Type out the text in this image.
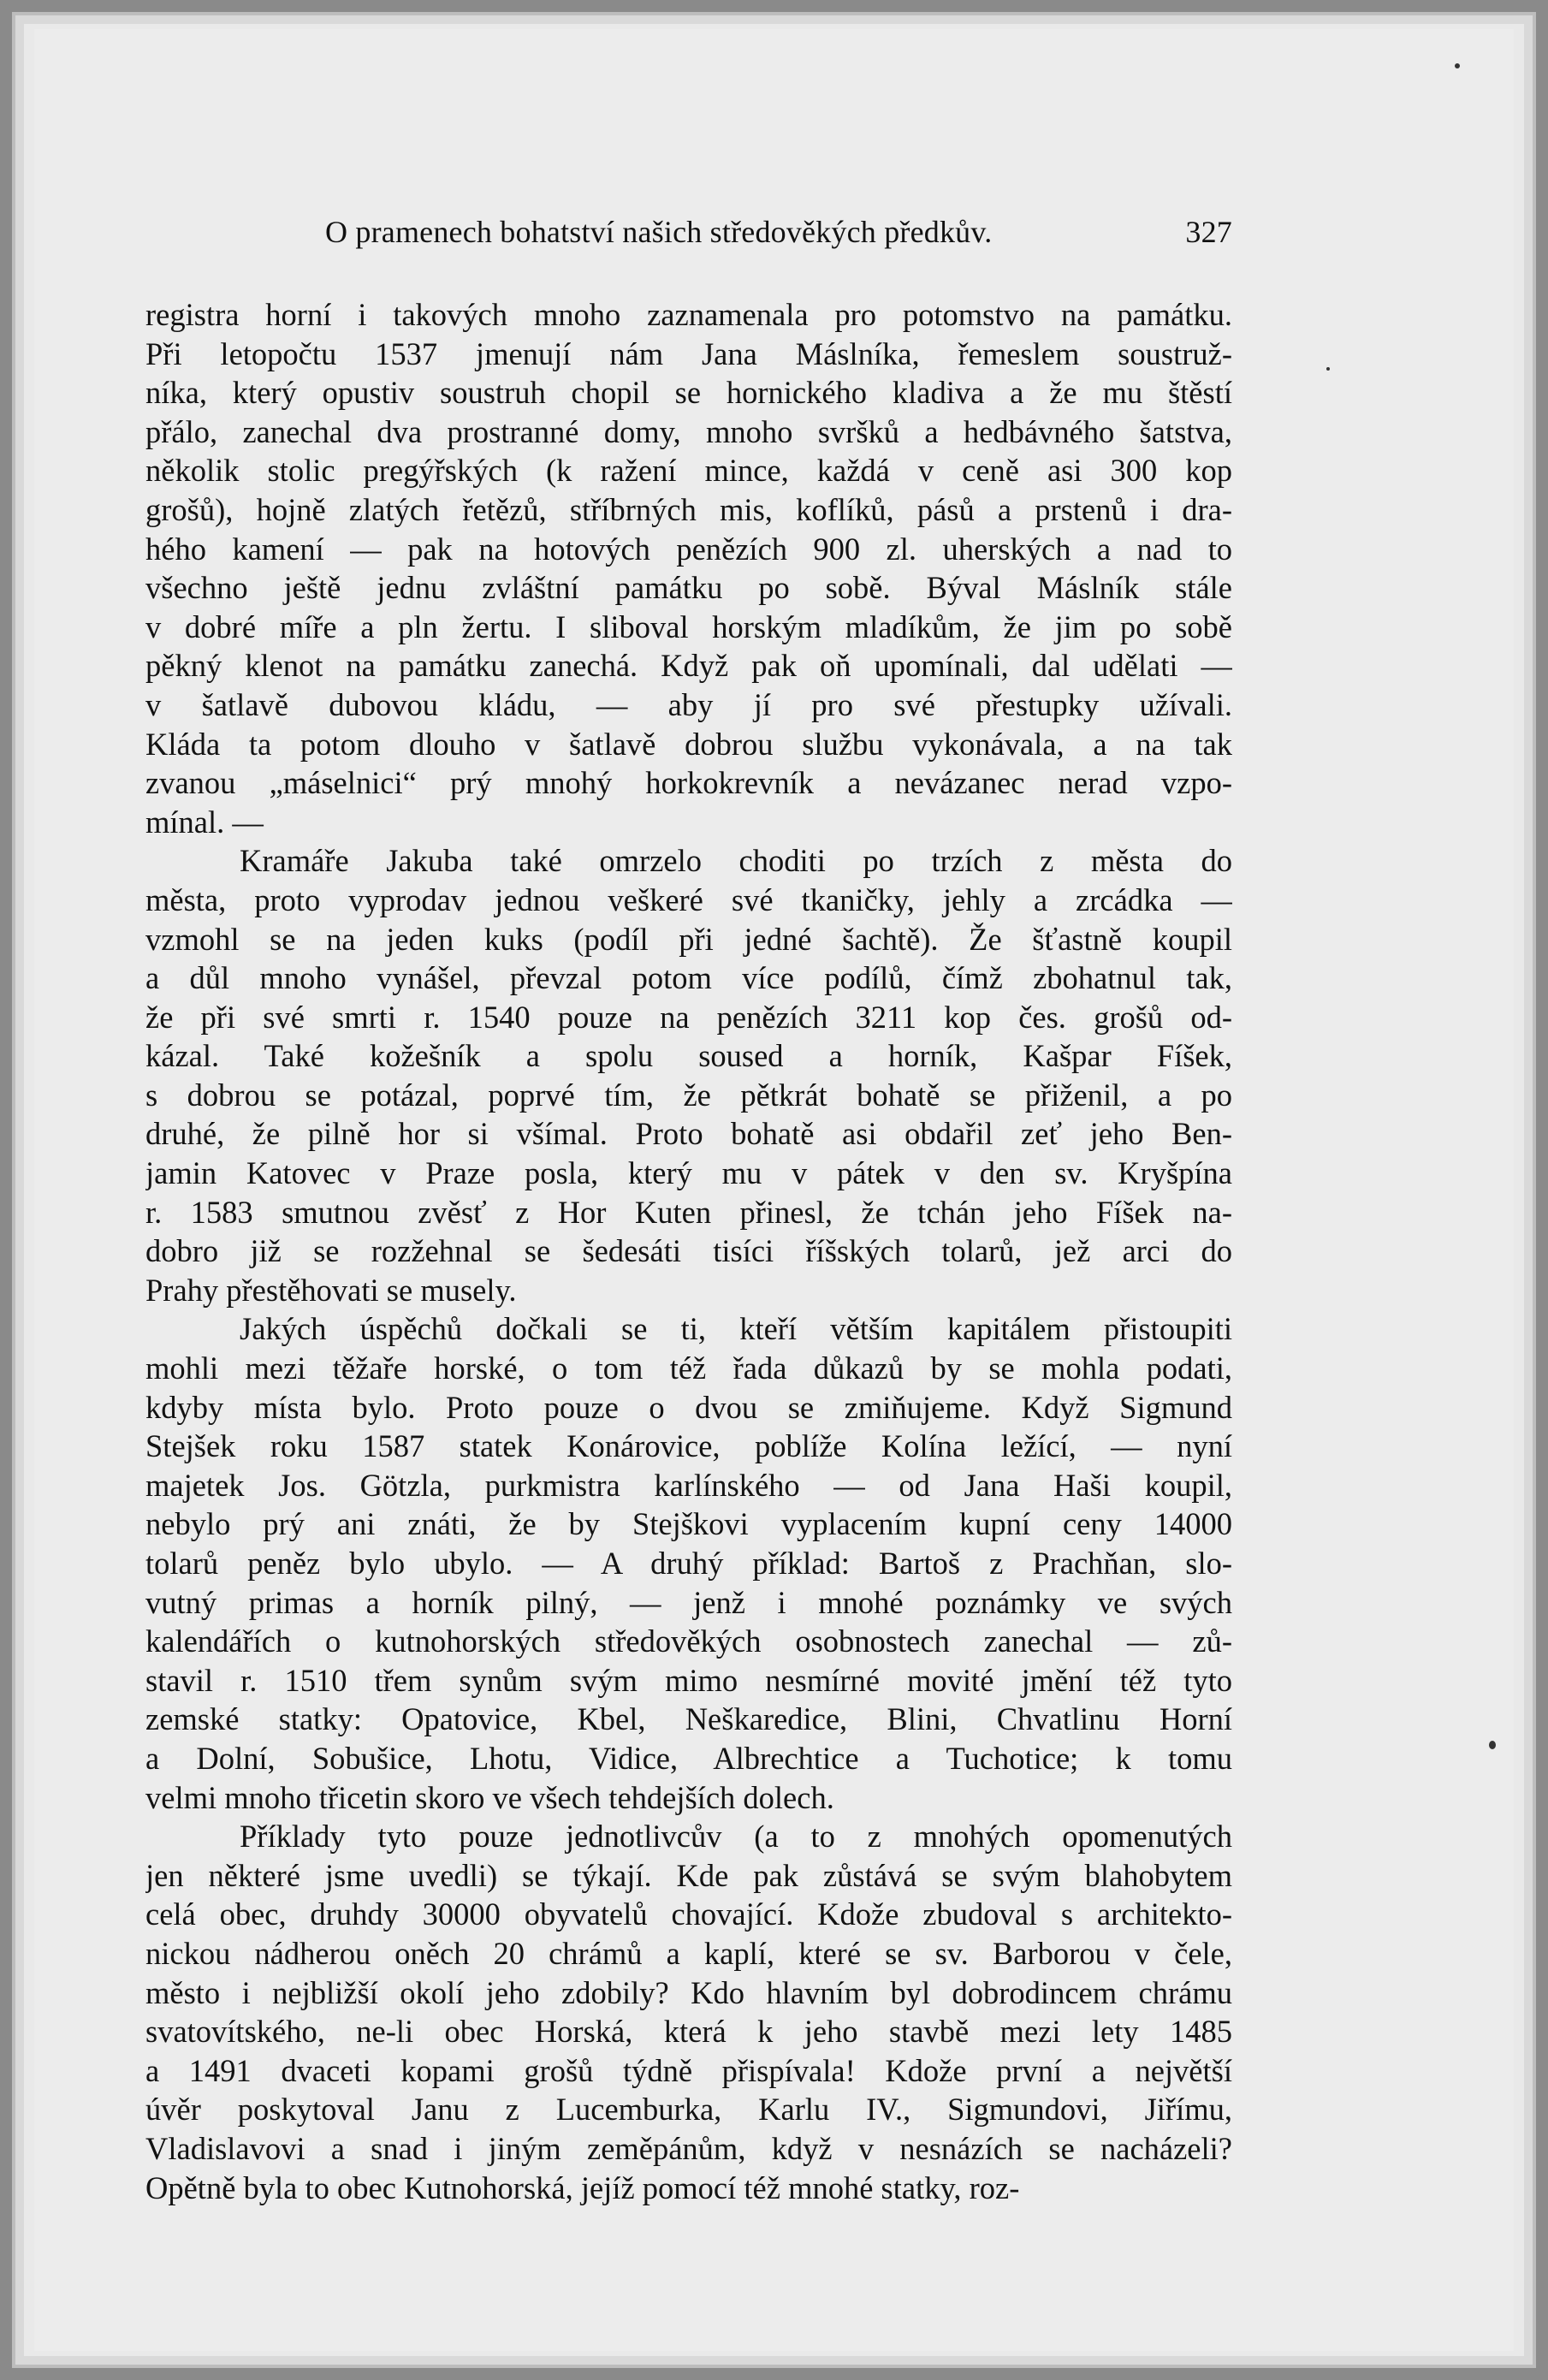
O pramenech bohatství našich středověkých předkův.	327
registra horní i takových mnoho zaznamenala pro potomstvo na památku.
Při letopočtu 1537 jmenují nám Jana Máslníka, řemeslem soustruž-
níka, který opustiv soustruh chopil se hornického kladiva a že mu štěstí
přálo, zanechal dva prostranné domy, mnoho svršků a hedbávného šatstva,
několik stolic pregýřských (k ražení mince, každá v ceně asi 300 kop
grošů), hojně zlatých řetězů, stříbrných mis, koflíků, pásů a prstenů i dra-
hého kamení — pak na hotových penězích 900 zl. uherských a nad to
všechno ještě jednu zvláštní památku po sobě. Býval Máslník stále
v dobré míře a pln žertu. I sliboval horským mladíkům, že jim po sobě
pěkný klenot na památku zanechá. Když pak oň upomínali, dal udělati —
v šatlavě dubovou kládu, — aby jí pro své přestupky užívali.
Kláda ta potom dlouho v šatlavě dobrou službu vykonávala, a na tak
zvanou „máselnici“ prý mnohý horkokrevník a nevázanec nerad vzpo-
mínal. —
Kramáře Jakuba také omrzelo choditi po trzích z města do
města, proto vyprodav jednou veškeré své tkaničky, jehly a zrcádka —
vzmohl se na jeden kuks (podíl při jedné šachtě). Že šťastně koupil
a důl mnoho vynášel, převzal potom více podílů, čímž zbohatnul tak,
že při své smrti r. 1540 pouze na penězích 3211 kop čes. grošů od-
kázal. Také kožešník a spolu soused a horník, Kašpar Fíšek,
s dobrou se potázal, poprvé tím, že pětkrát bohatě se přiženil, a po
druhé, že pilně hor si všímal. Proto bohatě asi obdařil zeť jeho Ben-
jamin Katovec v Praze posla, který mu v pátek v den sv. Kryšpína
r. 1583 smutnou zvěsť z Hor Kuten přinesl, že tchán jeho Fíšek na-
dobro již se rozžehnal se šedesáti tisíci říšských tolarů, jež arci do
Prahy přestěhovati se musely.
Jakých úspěchů dočkali se ti, kteří větším kapitálem přistoupiti
mohli mezi těžaře horské, o tom též řada důkazů by se mohla podati,
kdyby místa bylo. Proto pouze o dvou se zmiňujeme. Když Sigmund
Stejšek roku 1587 statek Konárovice, poblíže Kolína ležící, — nyní
majetek Jos. Götzla, purkmistra karlínského — od Jana Haši koupil,
nebylo prý ani znáti, že by Stejškovi vyplacením kupní ceny 14000
tolarů peněz bylo ubylo. — A druhý příklad: Bartoš z Prachňan, slo-
vutný primas a horník pilný, — jenž i mnohé poznámky ve svých
kalendářích o kutnohorských středověkých osobnostech zanechal — zů-
stavil r. 1510 třem synům svým mimo nesmírné movité jmění též tyto
zemské statky: Opatovice, Kbel, Neškaredice, Blini, Chvatlinu Horní
a Dolní, Sobušice, Lhotu, Vidice, Albrechtice a Tuchotice; k tomu
velmi mnoho třicetin skoro ve všech tehdejších dolech.
Příklady tyto pouze jednotlivcův (a to z mnohých opomenutých
jen některé jsme uvedli) se týkají. Kde pak zůstává se svým blahobytem
celá obec, druhdy 30000 obyvatelů chovající. Kdože zbudoval s architekto-
nickou nádherou oněch 20 chrámů a kaplí, které se sv. Barborou v čele,
město i nejbližší okolí jeho zdobily? Kdo hlavním byl dobrodincem chrámu
svatovítského, ne-li obec Horská, která k jeho stavbě mezi lety 1485
a 1491 dvaceti kopami grošů týdně přispívala! Kdože první a největší
úvěr poskytoval Janu z Lucemburka, Karlu IV., Sigmundovi, Jiřímu,
Vladislavovi a snad i jiným zeměpánům, když v nesnázích se nacházeli?
Opětně byla to obec Kutnohorská, jejíž pomocí též mnohé statky, roz-
